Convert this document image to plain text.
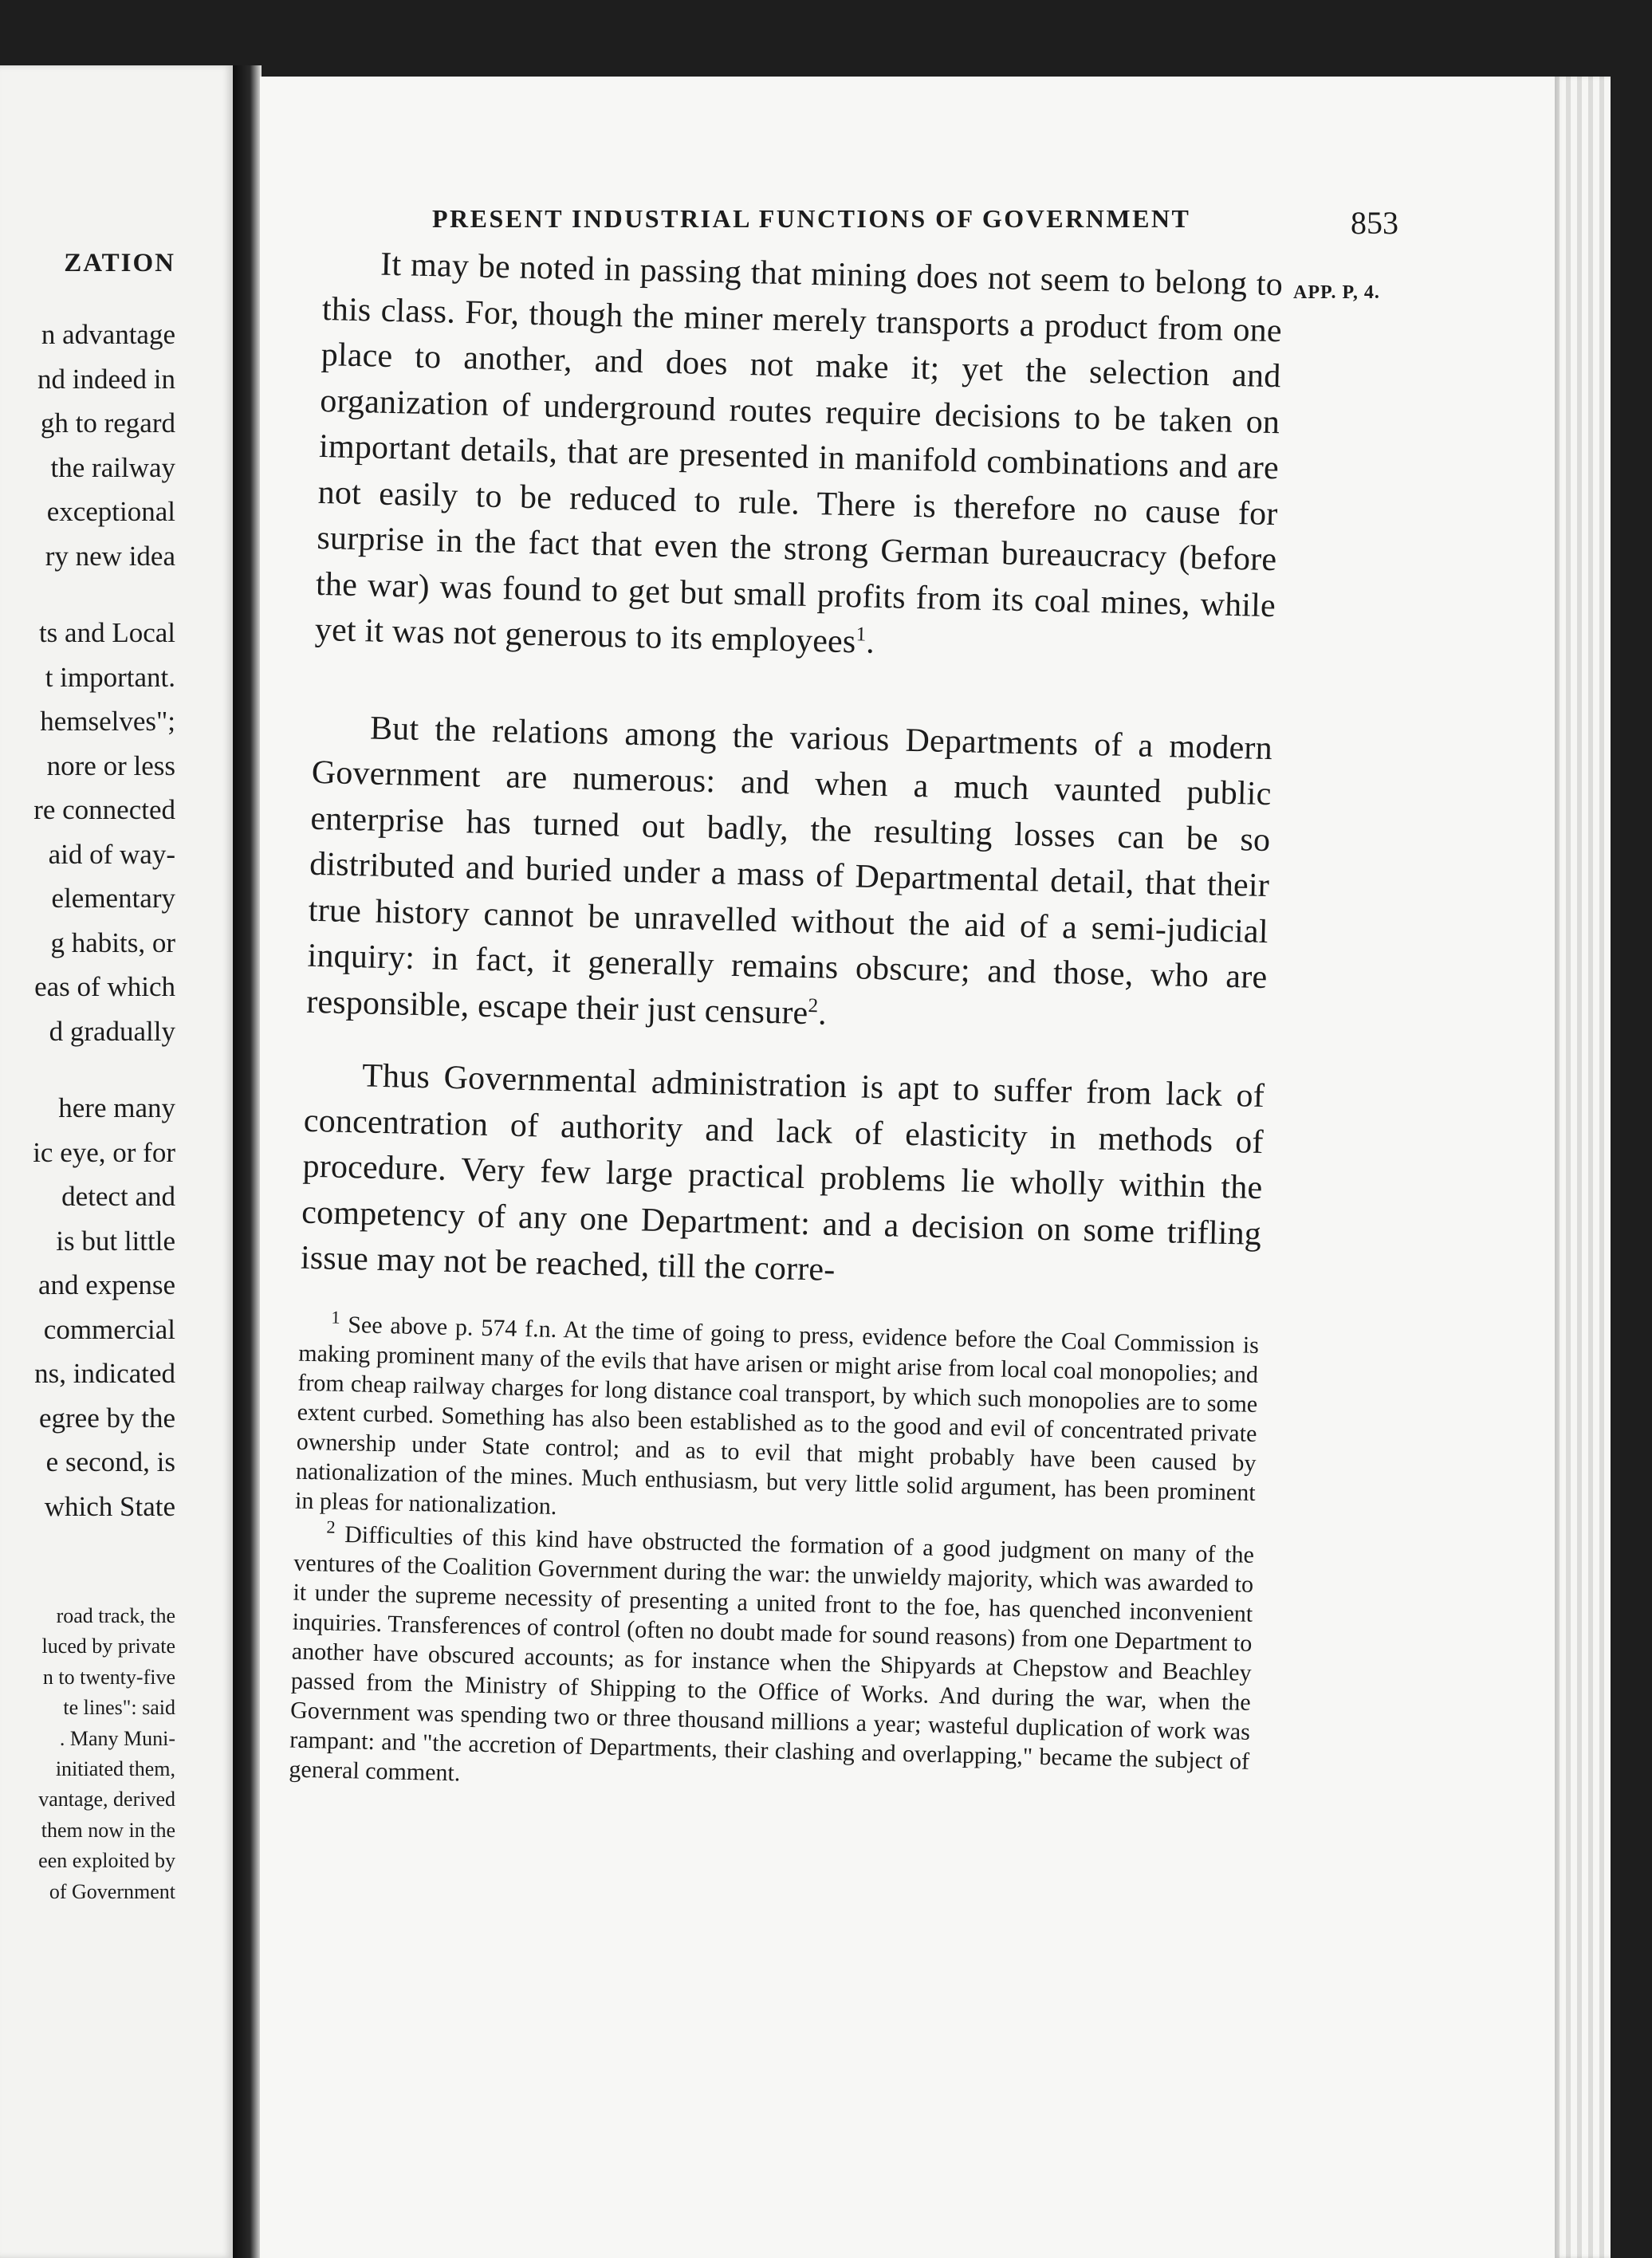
ZATION
n advantage
nd indeed in
gh to regard
the railway
exceptional
ry new idea
ts and Local
t important.
hemselves";
nore or less
re connected
aid of way-
elementary
g habits, or
eas of which
d gradually
here many
ic eye, or for
detect and
is but little
and expense
commercial
ns, indicated
egree by the
e second, is
which State
road track, the
luced by private
n to twenty-five
te lines": said
. Many Muni-
initiated them,
vantage, derived
them now in the
een exploited by
of Government
PRESENT INDUSTRIAL FUNCTIONS OF GOVERNMENT	853
APP. P, 4.

It may be noted in passing that mining does not seem to belong to this class. For, though the miner merely transports a product from one place to another, and does not make it; yet the selection and organization of underground routes require decisions to be taken on important details, that are presented in manifold combinations and are not easily to be reduced to rule. There is therefore no cause for surprise in the fact that even the strong German bureaucracy (before the war) was found to get but small profits from its coal mines, while yet it was not generous to its employees$^1$.

But the relations among the various Departments of a modern Government are numerous: and when a much vaunted public enterprise has turned out badly, the resulting losses can be so distributed and buried under a mass of Departmental detail, that their true history cannot be unravelled without the aid of a semi-judicial inquiry: in fact, it generally remains obscure; and those, who are responsible, escape their just censure$^2$.

Thus Governmental administration is apt to suffer from lack of concentration of authority and lack of elasticity in methods of procedure. Very few large practical problems lie wholly within the competency of any one Department: and a decision on some trifling issue may not be reached, till the corre-

$^1$ See above p. 574 f.n. At the time of going to press, evidence before the Coal Commission is making prominent many of the evils that have arisen or might arise from local coal monopolies; and from cheap railway charges for long distance coal transport, by which such monopolies are to some extent curbed. Something has also been established as to the good and evil of concentrated private ownership under State control; and as to evil that might probably have been caused by nationalization of the mines. Much enthusiasm, but very little solid argument, has been prominent in pleas for nationalization.

$^2$ Difficulties of this kind have obstructed the formation of a good judgment on many of the ventures of the Coalition Government during the war: the unwieldy majority, which was awarded to it under the supreme necessity of presenting a united front to the foe, has quenched inconvenient inquiries. Transferences of control (often no doubt made for sound reasons) from one Department to another have obscured accounts; as for instance when the Shipyards at Chepstow and Beachley passed from the Ministry of Shipping to the Office of Works. And during the war, when the Government was spending two or three thousand millions a year; wasteful duplication of work was rampant: and "the accretion of Departments, their clashing and overlapping," became the subject of general comment.
